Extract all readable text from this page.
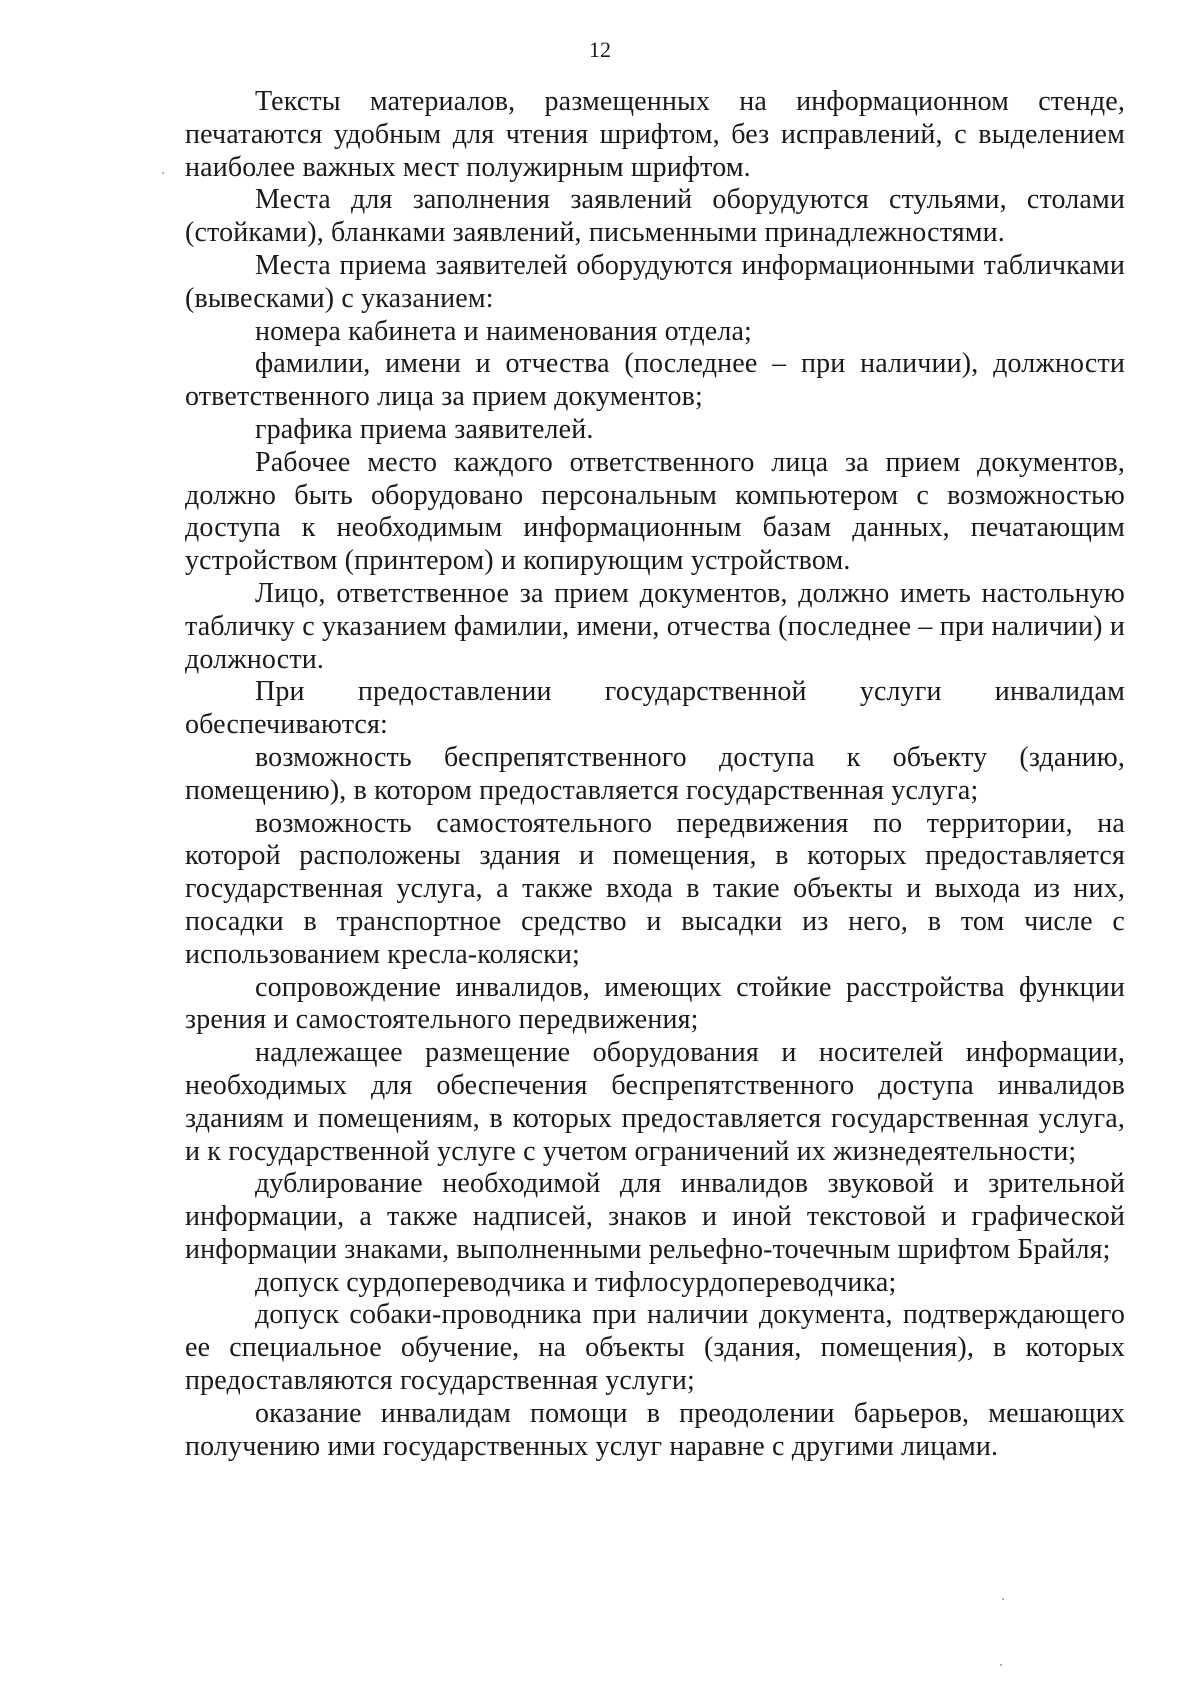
12

Тексты материалов, размещенных на информационном стенде, печатаются удобным для чтения шрифтом, без исправлений, с выделением наиболее важных мест полужирным шрифтом.

Места для заполнения заявлений оборудуются стульями, столами (стойками), бланками заявлений, письменными принадлежностями.

Места приема заявителей оборудуются информационными табличками (вывесками) с указанием:

номера кабинета и наименования отдела;

фамилии, имени и отчества (последнее – при наличии), должности ответственного лица за прием документов;

графика приема заявителей.

Рабочее место каждого ответственного лица за прием документов, должно быть оборудовано персональным компьютером с возможностью доступа к необходимым информационным базам данных, печатающим устройством (принтером) и копирующим устройством.

Лицо, ответственное за прием документов, должно иметь настольную табличку с указанием фамилии, имени, отчества (последнее – при наличии) и должности.

При предоставлении государственной услуги инвалидам обеспечиваются:

возможность беспрепятственного доступа к объекту (зданию, помещению), в котором предоставляется государственная услуга;

возможность самостоятельного передвижения по территории, на которой расположены здания и помещения, в которых предоставляется государственная услуга, а также входа в такие объекты и выхода из них, посадки в транспортное средство и высадки из него, в том числе с использованием кресла-коляски;

сопровождение инвалидов, имеющих стойкие расстройства функции зрения и самостоятельного передвижения;

надлежащее размещение оборудования и носителей информации, необходимых для обеспечения беспрепятственного доступа инвалидов зданиям и помещениям, в которых предоставляется государственная услуга, и к государственной услуге с учетом ограничений их жизнедеятельности;

дублирование необходимой для инвалидов звуковой и зрительной информации, а также надписей, знаков и иной текстовой и графической информации знаками, выполненными рельефно-точечным шрифтом Брайля;

допуск сурдопереводчика и тифлосурдопереводчика;

допуск собаки-проводника при наличии документа, подтверждающего ее специальное обучение, на объекты (здания, помещения), в которых предоставляются государственная услуги;

оказание инвалидам помощи в преодолении барьеров, мешающих получению ими государственных услуг наравне с другими лицами.
